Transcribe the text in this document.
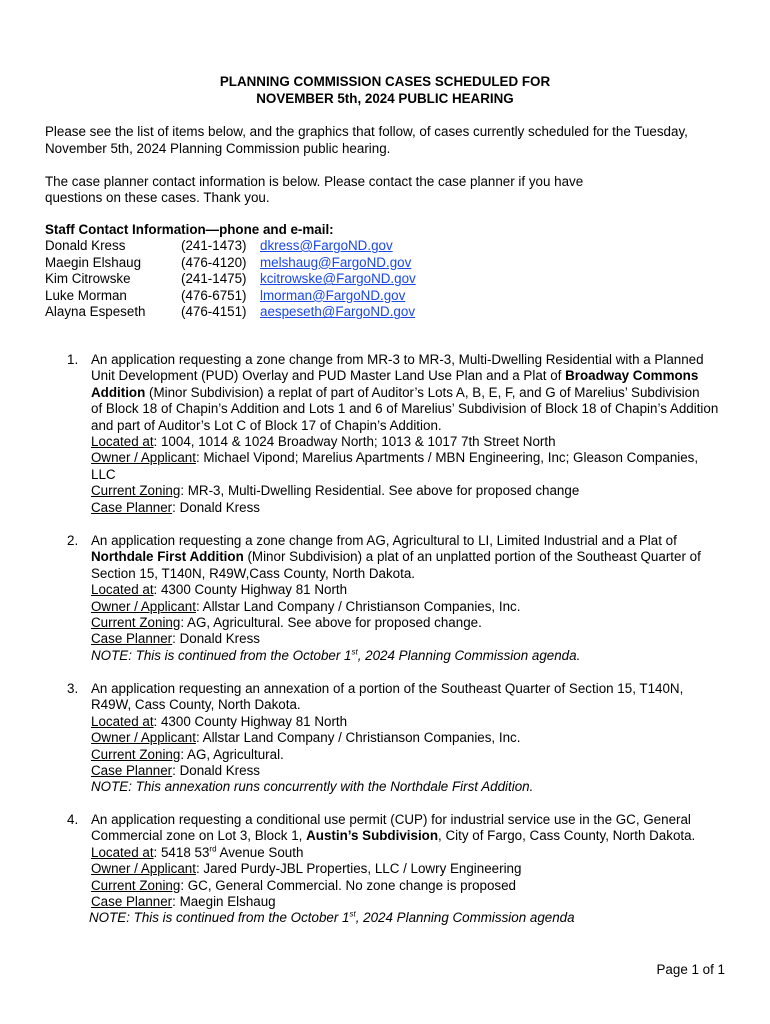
PLANNING COMMISSION CASES SCHEDULED FOR
NOVEMBER 5th, 2024 PUBLIC HEARING
Please see the list of items below, and the graphics that follow, of cases currently scheduled for the Tuesday,
November 5th, 2024 Planning Commission public hearing.
The case planner contact information is below. Please contact the case planner if you have
questions on these cases. Thank you.
Staff Contact Information—phone and e-mail:
Donald Kress	(241-1473) dkress@FargoND.gov
Maegin Elshaug	(476-4120) melshaug@FargoND.gov
Kim Citrowske	(241-1475) kcitrowske@FargoND.gov
Luke Morman	(476-6751) lmorman@FargoND.gov
Alayna Espeseth	(476-4151) aespeseth@FargoND.gov
1. An application requesting a zone change from MR-3 to MR-3, Multi-Dwelling Residential with a Planned
Unit Development (PUD) Overlay and PUD Master Land Use Plan and a Plat of Broadway Commons
Addition (Minor Subdivision) a replat of part of Auditor’s Lots A, B, E, F, and G of Marelius’ Subdivision
of Block 18 of Chapin’s Addition and Lots 1 and 6 of Marelius’ Subdivision of Block 18 of Chapin’s Addition
and part of Auditor’s Lot C of Block 17 of Chapin’s Addition.
Located at: 1004, 1014 & 1024 Broadway North; 1013 & 1017 7th Street North
Owner / Applicant: Michael Vipond; Marelius Apartments / MBN Engineering, Inc; Gleason Companies,
LLC
Current Zoning: MR-3, Multi-Dwelling Residential. See above for proposed change
Case Planner: Donald Kress
2. An application requesting a zone change from AG, Agricultural to LI, Limited Industrial and a Plat of
Northdale First Addition (Minor Subdivision) a plat of an unplatted portion of the Southeast Quarter of
Section 15, T140N, R49W,Cass County, North Dakota.
Located at: 4300 County Highway 81 North
Owner / Applicant: Allstar Land Company / Christianson Companies, Inc.
Current Zoning: AG, Agricultural. See above for proposed change.
Case Planner: Donald Kress
NOTE: This is continued from the October 1st, 2024 Planning Commission agenda.
3. An application requesting an annexation of a portion of the Southeast Quarter of Section 15, T140N,
R49W, Cass County, North Dakota.
Located at: 4300 County Highway 81 North
Owner / Applicant: Allstar Land Company / Christianson Companies, Inc.
Current Zoning: AG, Agricultural.
Case Planner: Donald Kress
NOTE: This annexation runs concurrently with the Northdale First Addition.
4. An application requesting a conditional use permit (CUP) for industrial service use in the GC, General
Commercial zone on Lot 3, Block 1, Austin’s Subdivision, City of Fargo, Cass County, North Dakota.
Located at: 5418 53rd Avenue South
Owner / Applicant: Jared Purdy-JBL Properties, LLC / Lowry Engineering
Current Zoning: GC, General Commercial. No zone change is proposed
Case Planner: Maegin Elshaug
NOTE: This is continued from the October 1st, 2024 Planning Commission agenda
Page 1 of 1
